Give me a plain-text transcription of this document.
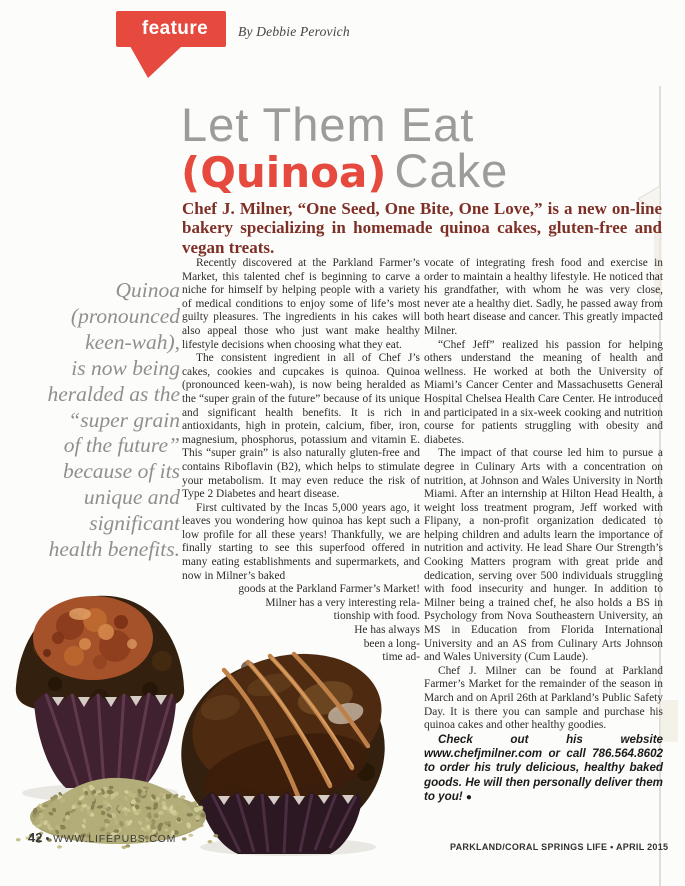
feature	By Debbie Perovich
Let Them Eat
(Quinoa) Cake
Chef J. Milner, “One Seed, One Bite, One Love,” is a new on-line bakery specializing in homemade quinoa cakes, gluten-free and vegan treats.
Quinoa
(pronounced
keen-wah),
is now being
heralded as the
“super grain
of the future”
because of its
unique and
significant
health benefits.

Recently discovered at the Parkland Farmer’s Market, this talented chef is beginning to carve a niche for himself by helping people with a variety of medical conditions to enjoy some of life’s most guilty pleasures. The ingredients in his cakes will also appeal those who just want make healthy lifestyle decisions when choosing what they eat.

The consistent ingredient in all of Chef J’s cakes, cookies and cupcakes is quinoa. Quinoa (pronounced keen-wah), is now being heralded as the “super grain of the future” because of its unique and significant health benefits. It is rich in antioxidants, high in protein, calcium, fiber, iron, magnesium, phosphorus, potassium and vitamin E. This “super grain” is also naturally gluten-free and contains Riboflavin (B2), which helps to stimulate your metabolism. It may even reduce the risk of Type 2 Diabetes and heart disease.

First cultivated by the Incas 5,000 years ago, it leaves you wondering how quinoa has kept such a low profile for all these years! Thankfully, we are finally starting to see this superfood offered in many eating establishments and supermarkets, and now in Milner’s baked

goods at the Parkland Farmer’s Market!
Milner has a very interesting rela-
tionship with food.
He has always
been a long-
time ad-

vocate of integrating fresh food and exercise in order to maintain a healthy lifestyle. He noticed that his grandfather, with whom he was very close, never ate a healthy diet. Sadly, he passed away from both heart disease and cancer. This greatly impacted Milner.

“Chef Jeff” realized his passion for helping others understand the meaning of health and wellness. He worked at both the University of Miami’s Cancer Center and Massachusetts General Hospital Chelsea Health Care Center. He introduced and participated in a six-week cooking and nutrition course for patients struggling with obesity and diabetes.

The impact of that course led him to pursue a degree in Culinary Arts with a concentration on nutrition, at Johnson and Wales University in North Miami. After an internship at Hilton Head Health, a weight loss treatment program, Jeff worked with Flipany, a non-profit organization dedicated to helping children and adults learn the importance of nutrition and activity. He lead Share Our Strength’s Cooking Matters program with great pride and dedication, serving over 500 individuals struggling with food insecurity and hunger. In addition to Milner being a trained chef, he also holds a BS in Psychology from Nova Southeastern University, an MS in Education from Florida International University and an AS from Culinary Arts Johnson and Wales University (Cum Laude).

Chef J. Milner can be found at Parkland Farmer’s Market for the remainder of the season in March and on April 26th at Parkland’s Public Safety Day. It is there you can sample and purchase his quinoa cakes and other healthy goodies.

Check out his website www.chefjmilner.com or call 786.564.8602 to order his truly delicious, healthy baked goods. He will then personally deliver them to you! ●

42 • WWW.LIFEPUBS.COM
PARKLAND/CORAL SPRINGS LIFE • APRIL 2015
